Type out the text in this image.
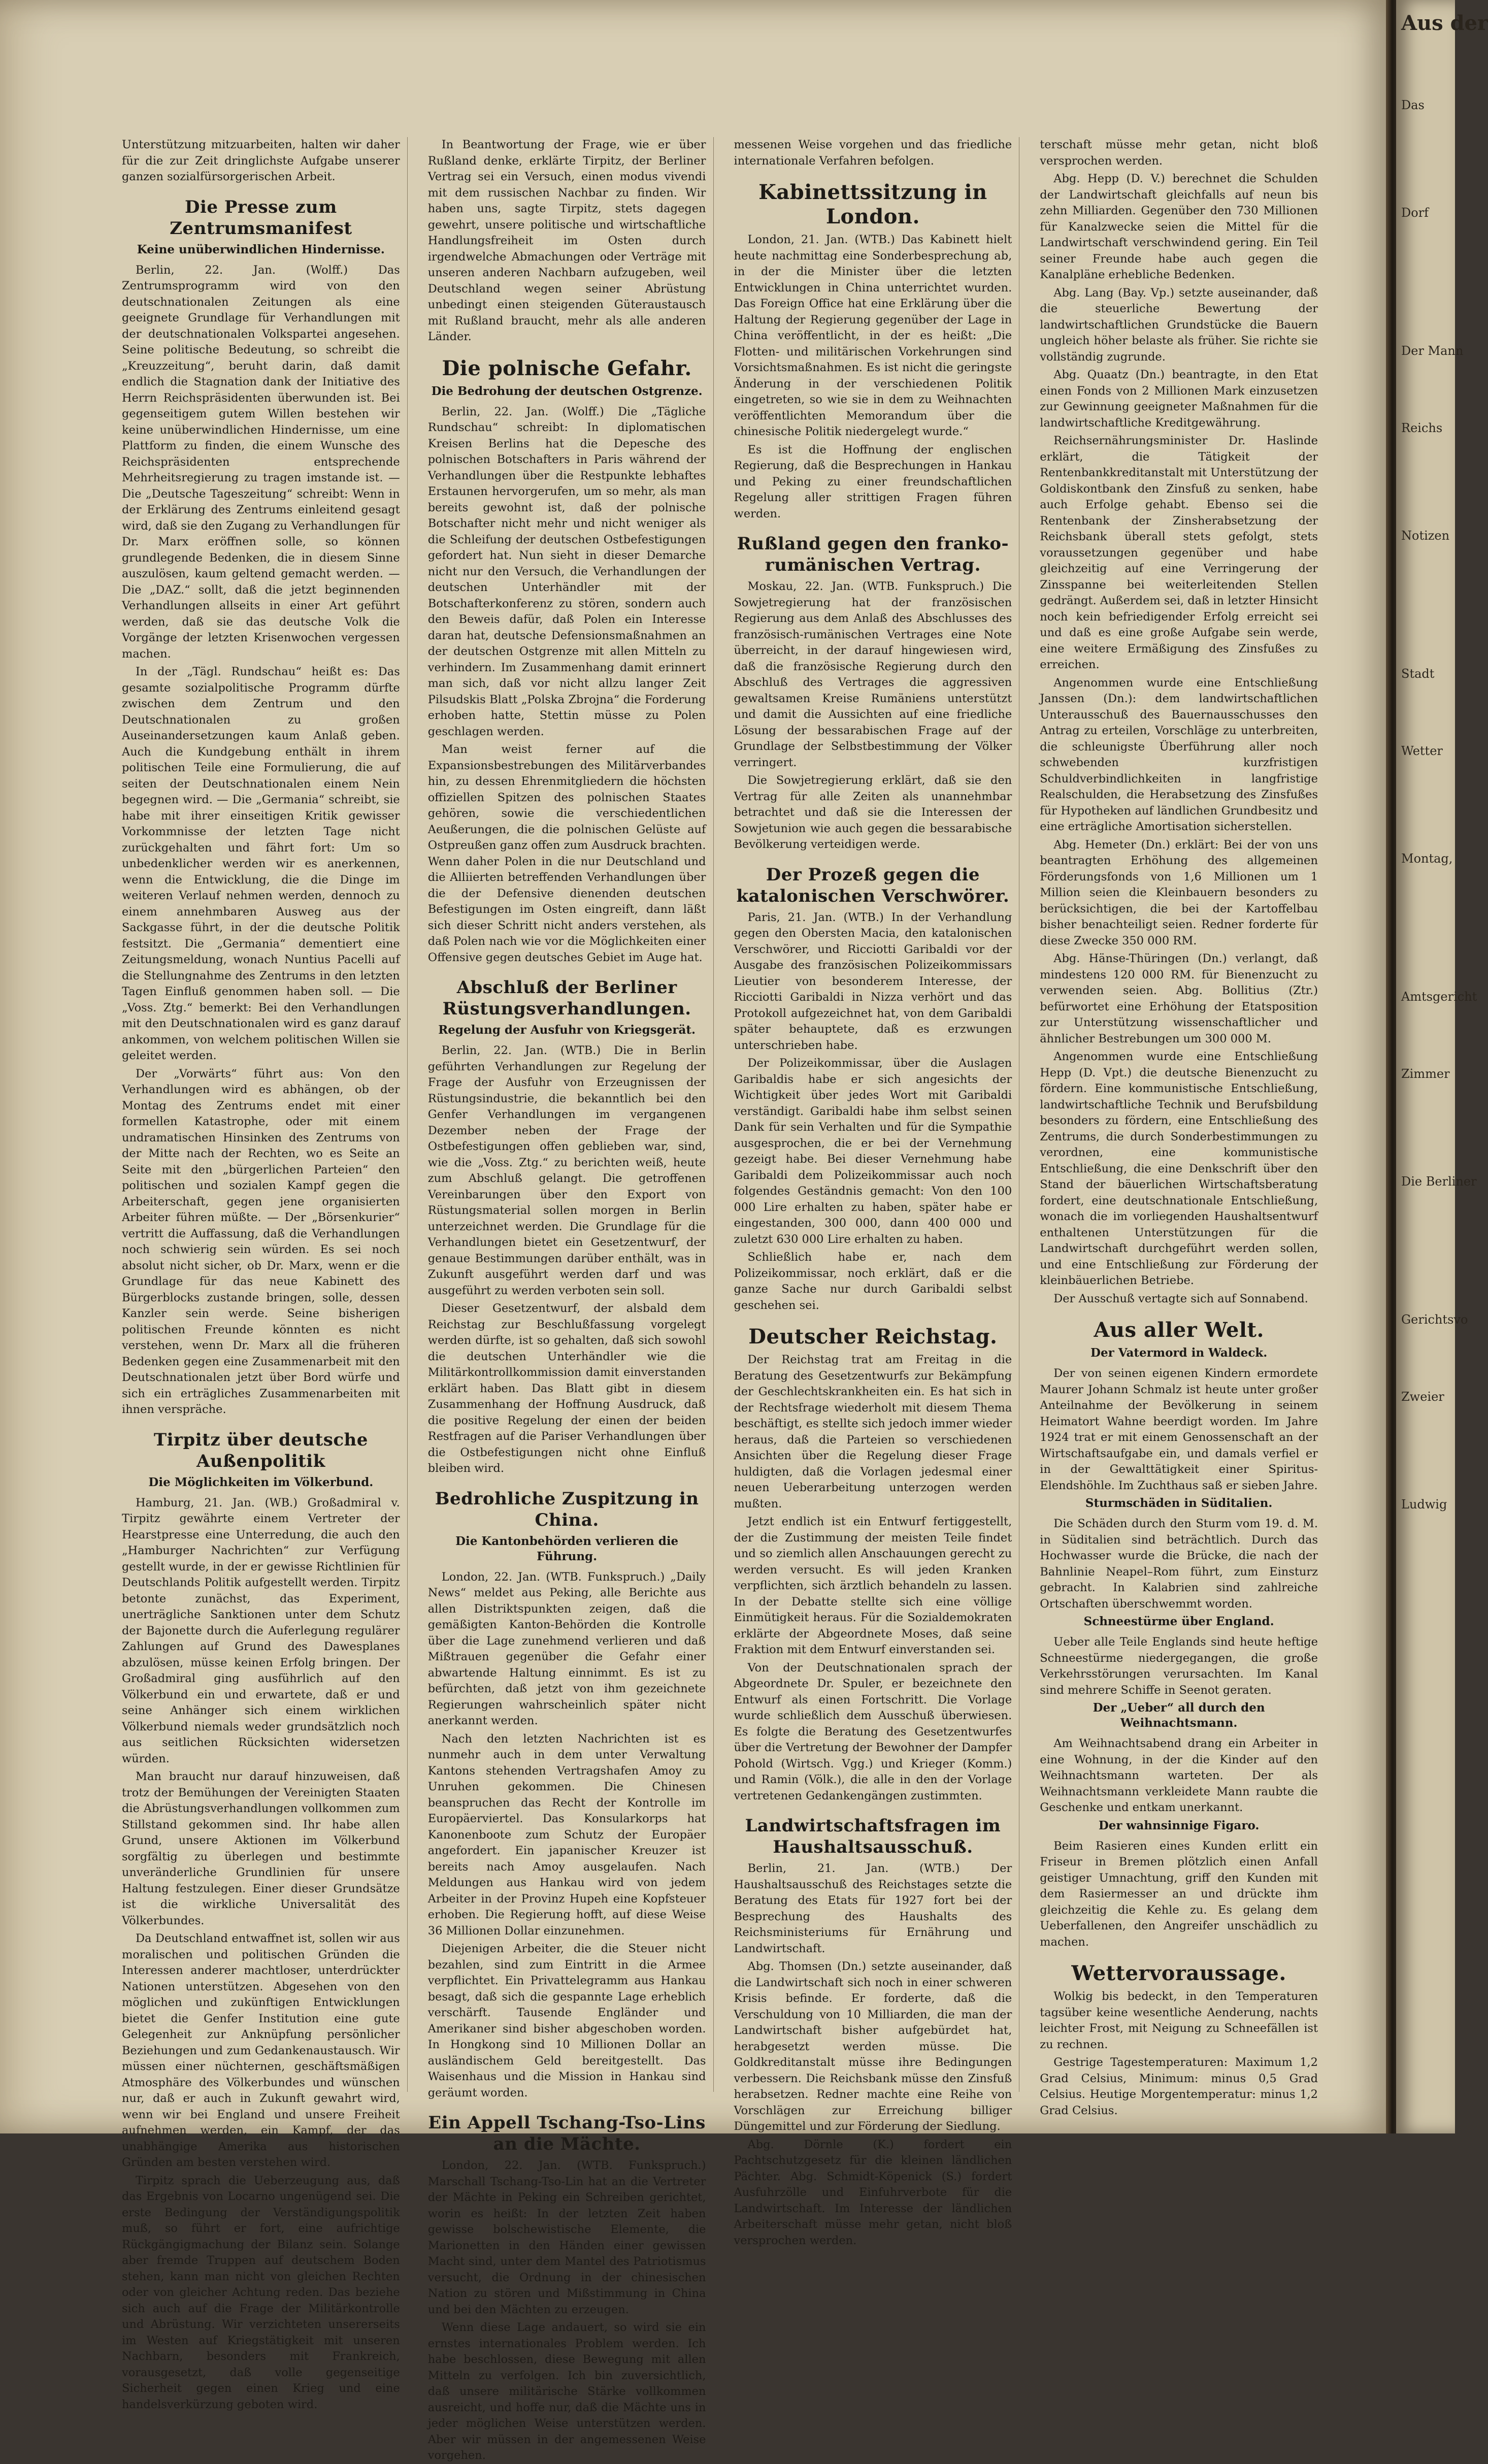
Unterstützung mitzuarbeiten, halten wir daher für die zur Zeit dringlichste Aufgabe unserer ganzen sozialfürsorgerischen Arbeit.

Die Presse zum Zentrumsmanifest
Keine unüberwindlichen Hindernisse.

Berlin, 22. Jan. (Wolff.) Das Zentrumsprogramm wird von den deutschnationalen Zeitungen als eine geeignete Grundlage für Verhandlungen mit der deutschnationalen Volkspartei angesehen. Seine politische Bedeutung, so schreibt die „Kreuzzeitung“, beruht darin, daß damit endlich die Stagnation dank der Initiative des Herrn Reichspräsidenten überwunden ist. Bei gegenseitigem gutem Willen bestehen wir keine unüberwindlichen Hindernisse, um eine Plattform zu finden, die einem Wunsche des Reichspräsidenten entsprechende Mehrheitsregierung zu tragen imstande ist. — Die „Deutsche Tageszeitung“ schreibt: Wenn in der Erklärung des Zentrums einleitend gesagt wird, daß sie den Zugang zu Verhandlungen für Dr. Marx eröffnen solle, so können grundlegende Bedenken, die in diesem Sinne auszulösen, kaum geltend gemacht werden. — Die „DAZ.“ sollt, daß die jetzt beginnenden Verhandlungen allseits in einer Art geführt werden, daß sie das deutsche Volk die Vorgänge der letzten Krisenwochen vergessen machen.

In der „Tägl. Rundschau“ heißt es: Das gesamte sozialpolitische Programm dürfte zwischen dem Zentrum und den Deutschnationalen zu großen Auseinandersetzungen kaum Anlaß geben. Auch die Kundgebung enthält in ihrem politischen Teile eine Formulierung, die auf seiten der Deutschnationalen einem Nein begegnen wird. — Die „Germania“ schreibt, sie habe mit ihrer einseitigen Kritik gewisser Vorkommnisse der letzten Tage nicht zurückgehalten und fährt fort: Um so unbedenklicher werden wir es anerkennen, wenn die Entwicklung, die die Dinge im weiteren Verlauf nehmen werden, dennoch zu einem annehmbaren Ausweg aus der Sackgasse führt, in der die deutsche Politik festsitzt. Die „Germania“ dementiert eine Zeitungsmeldung, wonach Nuntius Pacelli auf die Stellungnahme des Zentrums in den letzten Tagen Einfluß genommen haben soll. — Die „Voss. Ztg.“ bemerkt: Bei den Verhandlungen mit den Deutschnationalen wird es ganz darauf ankommen, von welchem politischen Willen sie geleitet werden.

Der „Vorwärts“ führt aus: Von den Verhandlungen wird es abhängen, ob der Montag des Zentrums endet mit einer formellen Katastrophe, oder mit einem undramatischen Hinsinken des Zentrums von der Mitte nach der Rechten, wo es Seite an Seite mit den „bürgerlichen Parteien“ den politischen und sozialen Kampf gegen die Arbeiterschaft, gegen jene organisierten Arbeiter führen müßte. — Der „Börsenkurier“ vertritt die Auffassung, daß die Verhandlungen noch schwierig sein würden. Es sei noch absolut nicht sicher, ob Dr. Marx, wenn er die Grundlage für das neue Kabinett des Bürgerblocks zustande bringen, solle, dessen Kanzler sein werde. Seine bisherigen politischen Freunde könnten es nicht verstehen, wenn Dr. Marx all die früheren Bedenken gegen eine Zusammenarbeit mit den Deutschnationalen jetzt über Bord würfe und sich ein erträgliches Zusammenarbeiten mit ihnen verspräche.

Tirpitz über deutsche Außenpolitik
Die Möglichkeiten im Völkerbund.

Hamburg, 21. Jan. (WB.) Großadmiral v. Tirpitz gewährte einem Vertreter der Hearstpresse eine Unterredung, die auch den „Hamburger Nachrichten“ zur Verfügung gestellt wurde, in der er gewisse Richtlinien für Deutschlands Politik aufgestellt werden. Tirpitz betonte zunächst, das Experiment, unerträgliche Sanktionen unter dem Schutz der Bajonette durch die Auferlegung regulärer Zahlungen auf Grund des Dawesplanes abzulösen, müsse keinen Erfolg bringen. Der Großadmiral ging ausführlich auf den Völkerbund ein und erwartete, daß er und seine Anhänger sich einem wirklichen Völkerbund niemals weder grundsätzlich noch aus seitlichen Rücksichten widersetzen würden.

Man braucht nur darauf hinzuweisen, daß trotz der Bemühungen der Vereinigten Staaten die Abrüstungsverhandlungen vollkommen zum Stillstand gekommen sind. Ihr habe allen Grund, unsere Aktionen im Völkerbund sorgfältig zu überlegen und bestimmte unveränderliche Grundlinien für unsere Haltung festzulegen. Einer dieser Grundsätze ist die wirkliche Universalität des Völkerbundes.

Da Deutschland entwaffnet ist, sollen wir aus moralischen und politischen Gründen die Interessen anderer machtloser, unterdrückter Nationen unterstützen. Abgesehen von den möglichen und zukünftigen Entwicklungen bietet die Genfer Institution eine gute Gelegenheit zur Anknüpfung persönlicher Beziehungen und zum Gedankenaustausch. Wir müssen einer nüchternen, geschäftsmäßigen Atmosphäre des Völkerbundes und wünschen nur, daß er auch in Zukunft gewahrt wird, wenn wir bei England und unsere Freiheit aufnehmen werden, ein Kampf, der das unabhängige Amerika aus historischen Gründen am besten verstehen wird.

Tirpitz sprach die Ueberzeugung aus, daß das Ergebnis von Locarno ungenügend sei. Die erste Bedingung der Verständigungspolitik muß, so führt er fort, eine aufrichtige Rückgängigmachung der Bilanz sein. Solange aber fremde Truppen auf deutschem Boden stehen, kann man nicht von gleichen Rechten oder von gleicher Achtung reden. Das beziehe sich auch auf die Frage der Militärkontrolle und Abrüstung. Wir verzichteten unsererseits im Westen auf Kriegstätigkeit mit unseren Nachbarn, besonders mit Frankreich, vorausgesetzt, daß volle gegenseitige Sicherheit gegen einen Krieg und eine handelsverkürzung geboten wird.

In Beantwortung der Frage, wie er über Rußland denke, erklärte Tirpitz, der Berliner Vertrag sei ein Versuch, einen modus vivendi mit dem russischen Nachbar zu finden. Wir haben uns, sagte Tirpitz, stets dagegen gewehrt, unsere politische und wirtschaftliche Handlungsfreiheit im Osten durch irgendwelche Abmachungen oder Verträge mit unseren anderen Nachbarn aufzugeben, weil Deutschland wegen seiner Abrüstung unbedingt einen steigenden Güteraustausch mit Rußland braucht, mehr als alle anderen Länder.

Die polnische Gefahr.
Die Bedrohung der deutschen Ostgrenze.

Berlin, 22. Jan. (Wolff.) Die „Tägliche Rundschau“ schreibt: In diplomatischen Kreisen Berlins hat die Depesche des polnischen Botschafters in Paris während der Verhandlungen über die Restpunkte lebhaftes Erstaunen hervorgerufen, um so mehr, als man bereits gewohnt ist, daß der polnische Botschafter nicht mehr und nicht weniger als die Schleifung der deutschen Ostbefestigungen gefordert hat. Nun sieht in dieser Demarche nicht nur den Versuch, die Verhandlungen der deutschen Unterhändler mit der Botschafterkonferenz zu stören, sondern auch den Beweis dafür, daß Polen ein Interesse daran hat, deutsche Defensionsmaßnahmen an der deutschen Ostgrenze mit allen Mitteln zu verhindern. Im Zusammenhang damit erinnert man sich, daß vor nicht allzu langer Zeit Pilsudskis Blatt „Polska Zbrojna“ die Forderung erhoben hatte, Stettin müsse zu Polen geschlagen werden.

Man weist ferner auf die Expansionsbestrebungen des Militärverbandes hin, zu dessen Ehrenmitgliedern die höchsten offiziellen Spitzen des polnischen Staates gehören, sowie die verschiedentlichen Aeußerungen, die die polnischen Gelüste auf Ostpreußen ganz offen zum Ausdruck brachten. Wenn daher Polen in die nur Deutschland und die Alliierten betreffenden Verhandlungen über die der Defensive dienenden deutschen Befestigungen im Osten eingreift, dann läßt sich dieser Schritt nicht anders verstehen, als daß Polen nach wie vor die Möglichkeiten einer Offensive gegen deutsches Gebiet im Auge hat.

Abschluß der Berliner Rüstungsverhandlungen.
Regelung der Ausfuhr von Kriegsgerät.

Berlin, 22. Jan. (WTB.) Die in Berlin geführten Verhandlungen zur Regelung der Frage der Ausfuhr von Erzeugnissen der Rüstungsindustrie, die bekanntlich bei den Genfer Verhandlungen im vergangenen Dezember neben der Frage der Ostbefestigungen offen geblieben war, sind, wie die „Voss. Ztg.“ zu berichten weiß, heute zum Abschluß gelangt. Die getroffenen Vereinbarungen über den Export von Rüstungsmaterial sollen morgen in Berlin unterzeichnet werden. Die Grundlage für die Verhandlungen bietet ein Gesetzentwurf, der genaue Bestimmungen darüber enthält, was in Zukunft ausgeführt werden darf und was ausgeführt zu werden verboten sein soll.

Dieser Gesetzentwurf, der alsbald dem Reichstag zur Beschlußfassung vorgelegt werden dürfte, ist so gehalten, daß sich sowohl die deutschen Unterhändler wie die Militärkontrollkommission damit einverstanden erklärt haben. Das Blatt gibt in diesem Zusammenhang der Hoffnung Ausdruck, daß die positive Regelung der einen der beiden Restfragen auf die Pariser Verhandlungen über die Ostbefestigungen nicht ohne Einfluß bleiben wird.

Bedrohliche Zuspitzung in China.
Die Kantonbehörden verlieren die Führung.

London, 22. Jan. (WTB. Funkspruch.) „Daily News“ meldet aus Peking, alle Berichte aus allen Distriktspunkten zeigen, daß die gemäßigten Kanton-Behörden die Kontrolle über die Lage zunehmend verlieren und daß Mißtrauen gegenüber die Gefahr einer abwartende Haltung einnimmt. Es ist zu befürchten, daß jetzt von ihm gezeichnete Regierungen wahrscheinlich später nicht anerkannt werden.

Nach den letzten Nachrichten ist es nunmehr auch in dem unter Verwaltung Kantons stehenden Vertragshafen Amoy zu Unruhen gekommen. Die Chinesen beanspruchen das Recht der Kontrolle im Europäerviertel. Das Konsularkorps hat Kanonenboote zum Schutz der Europäer angefordert. Ein japanischer Kreuzer ist bereits nach Amoy ausgelaufen. Nach Meldungen aus Hankau wird von jedem Arbeiter in der Provinz Hupeh eine Kopfsteuer erhoben. Die Regierung hofft, auf diese Weise 36 Millionen Dollar einzunehmen.

Diejenigen Arbeiter, die die Steuer nicht bezahlen, sind zum Eintritt in die Armee verpflichtet. Ein Privattelegramm aus Hankau besagt, daß sich die gespannte Lage erheblich verschärft. Tausende Engländer und Amerikaner sind bisher abgeschoben worden. In Hongkong sind 10 Millionen Dollar an ausländischem Geld bereitgestellt. Das Waisenhaus und die Mission in Hankau sind geräumt worden.

Ein Appell Tschang-Tso-Lins an die Mächte.

London, 22. Jan. (WTB. Funkspruch.) Marschall Tschang-Tso-Lin hat an die Vertreter der Mächte in Peking ein Schreiben gerichtet, worin es heißt: In der letzten Zeit haben gewisse bolschewistische Elemente, die Marionetten in den Händen einer gewissen Macht sind, unter dem Mantel des Patriotismus versucht, die Ordnung in der chinesischen Nation zu stören und Mißstimmung in China und bei den Mächten zu erzeugen.

Wenn diese Lage andauert, so wird sie ein ernstes internationales Problem werden. Ich habe beschlossen, diese Bewegung mit allen Mitteln zu verfolgen. Ich bin zuversichtlich, daß unsere militärische Stärke vollkommen ausreicht, und hoffe nur, daß die Mächte uns in jeder möglichen Weise unterstützen werden. Aber wir müssen in der angemessenen Weise vorgehen.

messenen Weise vorgehen und das friedliche internationale Verfahren befolgen.

Kabinettssitzung in London.

London, 21. Jan. (WTB.) Das Kabinett hielt heute nachmittag eine Sonderbesprechung ab, in der die Minister über die letzten Entwicklungen in China unterrichtet wurden. Das Foreign Office hat eine Erklärung über die Haltung der Regierung gegenüber der Lage in China veröffentlicht, in der es heißt: „Die Flotten- und militärischen Vorkehrungen sind Vorsichtsmaßnahmen. Es ist nicht die geringste Änderung in der verschiedenen Politik eingetreten, so wie sie in dem zu Weihnachten veröffentlichten Memorandum über die chinesische Politik niedergelegt wurde.“

Es ist die Hoffnung der englischen Regierung, daß die Besprechungen in Hankau und Peking zu einer freundschaftlichen Regelung aller strittigen Fragen führen werden.

Rußland gegen den franko-rumänischen Vertrag.

Moskau, 22. Jan. (WTB. Funkspruch.) Die Sowjetregierung hat der französischen Regierung aus dem Anlaß des Abschlusses des französisch-rumänischen Vertrages eine Note überreicht, in der darauf hingewiesen wird, daß die französische Regierung durch den Abschluß des Vertrages die aggressiven gewaltsamen Kreise Rumäniens unterstützt und damit die Aussichten auf eine friedliche Lösung der bessarabischen Frage auf der Grundlage der Selbstbestimmung der Völker verringert.

Die Sowjetregierung erklärt, daß sie den Vertrag für alle Zeiten als unannehmbar betrachtet und daß sie die Interessen der Sowjetunion wie auch gegen die bessarabische Bevölkerung verteidigen werde.

Der Prozeß gegen die katalonischen Verschwörer.

Paris, 21. Jan. (WTB.) In der Verhandlung gegen den Obersten Macia, den katalonischen Verschwörer, und Ricciotti Garibaldi vor der Ausgabe des französischen Polizeikommissars Lieutier von besonderem Interesse, der Ricciotti Garibaldi in Nizza verhört und das Protokoll aufgezeichnet hat, von dem Garibaldi später behauptete, daß es erzwungen unterschrieben habe.

Der Polizeikommissar, über die Auslagen Garibaldis habe er sich angesichts der Wichtigkeit über jedes Wort mit Garibaldi verständigt. Garibaldi habe ihm selbst seinen Dank für sein Verhalten und für die Sympathie ausgesprochen, die er bei der Vernehmung gezeigt habe. Bei dieser Vernehmung habe Garibaldi dem Polizeikommissar auch noch folgendes Geständnis gemacht: Von den 100 000 Lire erhalten zu haben, später habe er eingestanden, 300 000, dann 400 000 und zuletzt 630 000 Lire erhalten zu haben.

Schließlich habe er, nach dem Polizeikommissar, noch erklärt, daß er die ganze Sache nur durch Garibaldi selbst geschehen sei.

Deutscher Reichstag.

Der Reichstag trat am Freitag in die Beratung des Gesetzentwurfs zur Bekämpfung der Geschlechtskrankheiten ein. Es hat sich in der Rechtsfrage wiederholt mit diesem Thema beschäftigt, es stellte sich jedoch immer wieder heraus, daß die Parteien so verschiedenen Ansichten über die Regelung dieser Frage huldigten, daß die Vorlagen jedesmal einer neuen Ueberarbeitung unterzogen werden mußten.

Jetzt endlich ist ein Entwurf fertiggestellt, der die Zustimmung der meisten Teile findet und so ziemlich allen Anschauungen gerecht zu werden versucht. Es will jeden Kranken verpflichten, sich ärztlich behandeln zu lassen. In der Debatte stellte sich eine völlige Einmütigkeit heraus. Für die Sozialdemokraten erklärte der Abgeordnete Moses, daß seine Fraktion mit dem Entwurf einverstanden sei.

Von der Deutschnationalen sprach der Abgeordnete Dr. Spuler, er bezeichnete den Entwurf als einen Fortschritt. Die Vorlage wurde schließlich dem Ausschuß überwiesen. Es folgte die Beratung des Gesetzentwurfes über die Vertretung der Bewohner der Dampfer Pohold (Wirtsch. Vgg.) und Krieger (Komm.) und Ramin (Völk.), die alle in den der Vorlage vertretenen Gedankengängen zustimmten.

Landwirtschaftsfragen im Haushaltsausschuß.

Berlin, 21. Jan. (WTB.) Der Haushaltsausschuß des Reichstages setzte die Beratung des Etats für 1927 fort bei der Besprechung des Haushalts des Reichsministeriums für Ernährung und Landwirtschaft.

Abg. Thomsen (Dn.) setzte auseinander, daß die Landwirtschaft sich noch in einer schweren Krisis befinde. Er forderte, daß die Verschuldung von 10 Milliarden, die man der Landwirtschaft bisher aufgebürdet hat, herabgesetzt werden müsse. Die Goldkreditanstalt müsse ihre Bedingungen verbessern. Die Reichsbank müsse den Zinsfuß herabsetzen. Redner machte eine Reihe von Vorschlägen zur Erreichung billiger Düngemittel und zur Förderung der Siedlung.

Abg. Dörnle (K.) fordert ein Pachtschutzgesetz für die kleinen ländlichen Pächter. Abg. Schmidt-Köpenick (S.) fordert Ausfuhrzölle und Einfuhrverbote für die Landwirtschaft. Im Interesse der ländlichen Arbeiterschaft müsse mehr getan, nicht bloß versprochen werden.

terschaft müsse mehr getan, nicht bloß versprochen werden.

Abg. Hepp (D. V.) berechnet die Schulden der Landwirtschaft gleichfalls auf neun bis zehn Milliarden. Gegenüber den 730 Millionen für Kanalzwecke seien die Mittel für die Landwirtschaft verschwindend gering. Ein Teil seiner Freunde habe auch gegen die Kanalpläne erhebliche Bedenken.

Abg. Lang (Bay. Vp.) setzte auseinander, daß die steuerliche Bewertung der landwirtschaftlichen Grundstücke die Bauern ungleich höher belaste als früher. Sie richte sie vollständig zugrunde.

Abg. Quaatz (Dn.) beantragte, in den Etat einen Fonds von 2 Millionen Mark einzusetzen zur Gewinnung geeigneter Maßnahmen für die landwirtschaftliche Kreditgewährung.

Reichsernährungsminister Dr. Haslinde erklärt, die Tätigkeit der Rentenbankkreditanstalt mit Unterstützung der Goldiskontbank den Zinsfuß zu senken, habe auch Erfolge gehabt. Ebenso sei die Rentenbank der Zinsherabsetzung der Reichsbank überall stets gefolgt, stets voraussetzungen gegenüber und habe gleichzeitig auf eine Verringerung der Zinsspanne bei weiterleitenden Stellen gedrängt. Außerdem sei, daß in letzter Hinsicht noch kein befriedigender Erfolg erreicht sei und daß es eine große Aufgabe sein werde, eine weitere Ermäßigung des Zinsfußes zu erreichen.

Angenommen wurde eine Entschließung Janssen (Dn.): dem landwirtschaftlichen Unterausschuß des Bauernausschusses den Antrag zu erteilen, Vorschläge zu unterbreiten, die schleunigste Überführung aller noch schwebenden kurzfristigen Schuldverbindlichkeiten in langfristige Realschulden, die Herabsetzung des Zinsfußes für Hypotheken auf ländlichen Grundbesitz und eine erträgliche Amortisation sicherstellen.

Abg. Hemeter (Dn.) erklärt: Bei der von uns beantragten Erhöhung des allgemeinen Förderungsfonds von 1,6 Millionen um 1 Million seien die Kleinbauern besonders zu berücksichtigen, die bei der Kartoffelbau bisher benachteiligt seien. Redner forderte für diese Zwecke 350 000 RM.

Abg. Hänse-Thüringen (Dn.) verlangt, daß mindestens 120 000 RM. für Bienenzucht zu verwenden seien. Abg. Bollitius (Ztr.) befürwortet eine Erhöhung der Etatsposition zur Unterstützung wissenschaftlicher und ähnlicher Bestrebungen um 300 000 M.

Angenommen wurde eine Entschließung Hepp (D. Vpt.) die deutsche Bienenzucht zu fördern. Eine kommunistische Entschließung, landwirtschaftliche Technik und Berufsbildung besonders zu fördern, eine Entschließung des Zentrums, die durch Sonderbestimmungen zu verordnen, eine kommunistische Entschließung, die eine Denkschrift über den Stand der bäuerlichen Wirtschaftsberatung fordert, eine deutschnationale Entschließung, wonach die im vorliegenden Haushaltsentwurf enthaltenen Unterstützungen für die Landwirtschaft durchgeführt werden sollen, und eine Entschließung zur Förderung der kleinbäuerlichen Betriebe.

Der Ausschuß vertagte sich auf Sonnabend.

Aus aller Welt.
Der Vatermord in Waldeck.

Der von seinen eigenen Kindern ermordete Maurer Johann Schmalz ist heute unter großer Anteilnahme der Bevölkerung in seinem Heimatort Wahne beerdigt worden. Im Jahre 1924 trat er mit einem Genossenschaft an der Wirtschaftsaufgabe ein, und damals verfiel er in der Gewalttätigkeit einer Spiritus-Elendshöhle. Im Zuchthaus saß er sieben Jahre.

Sturmschäden in Süditalien.

Die Schäden durch den Sturm vom 19. d. M. in Süditalien sind beträchtlich. Durch das Hochwasser wurde die Brücke, die nach der Bahnlinie Neapel–Rom führt, zum Einsturz gebracht. In Kalabrien sind zahlreiche Ortschaften überschwemmt worden.

Schneestürme über England.

Ueber alle Teile Englands sind heute heftige Schneestürme niedergegangen, die große Verkehrsstörungen verursachten. Im Kanal sind mehrere Schiffe in Seenot geraten.

Der „Ueber“ all durch den Weihnachtsmann.

Am Weihnachtsabend drang ein Arbeiter in eine Wohnung, in der die Kinder auf den Weihnachtsmann warteten. Der als Weihnachtsmann verkleidete Mann raubte die Geschenke und entkam unerkannt.

Der wahnsinnige Figaro.

Beim Rasieren eines Kunden erlitt ein Friseur in Bremen plötzlich einen Anfall geistiger Umnachtung, griff den Kunden mit dem Rasiermesser an und drückte ihm gleichzeitig die Kehle zu. Es gelang dem Ueberfallenen, den Angreifer unschädlich zu machen.

Wettervoraussage.

Wolkig bis bedeckt, in den Temperaturen tagsüber keine wesentliche Aenderung, nachts leichter Frost, mit Neigung zu Schneefällen ist zu rechnen.

Gestrige Tagestemperaturen: Maximum 1,2 Grad Celsius, Minimum: minus 0,5 Grad Celsius. Heutige Morgentemperatur: minus 1,2 Grad Celsius.

Aus der
Das
Dorf
Der Mann
Reichs
Notizen
Stadt
Wetter
Montag,
Amtsgericht
Zimmer
Die Berliner
Gerichtsvo
Zweier
Ludwig
